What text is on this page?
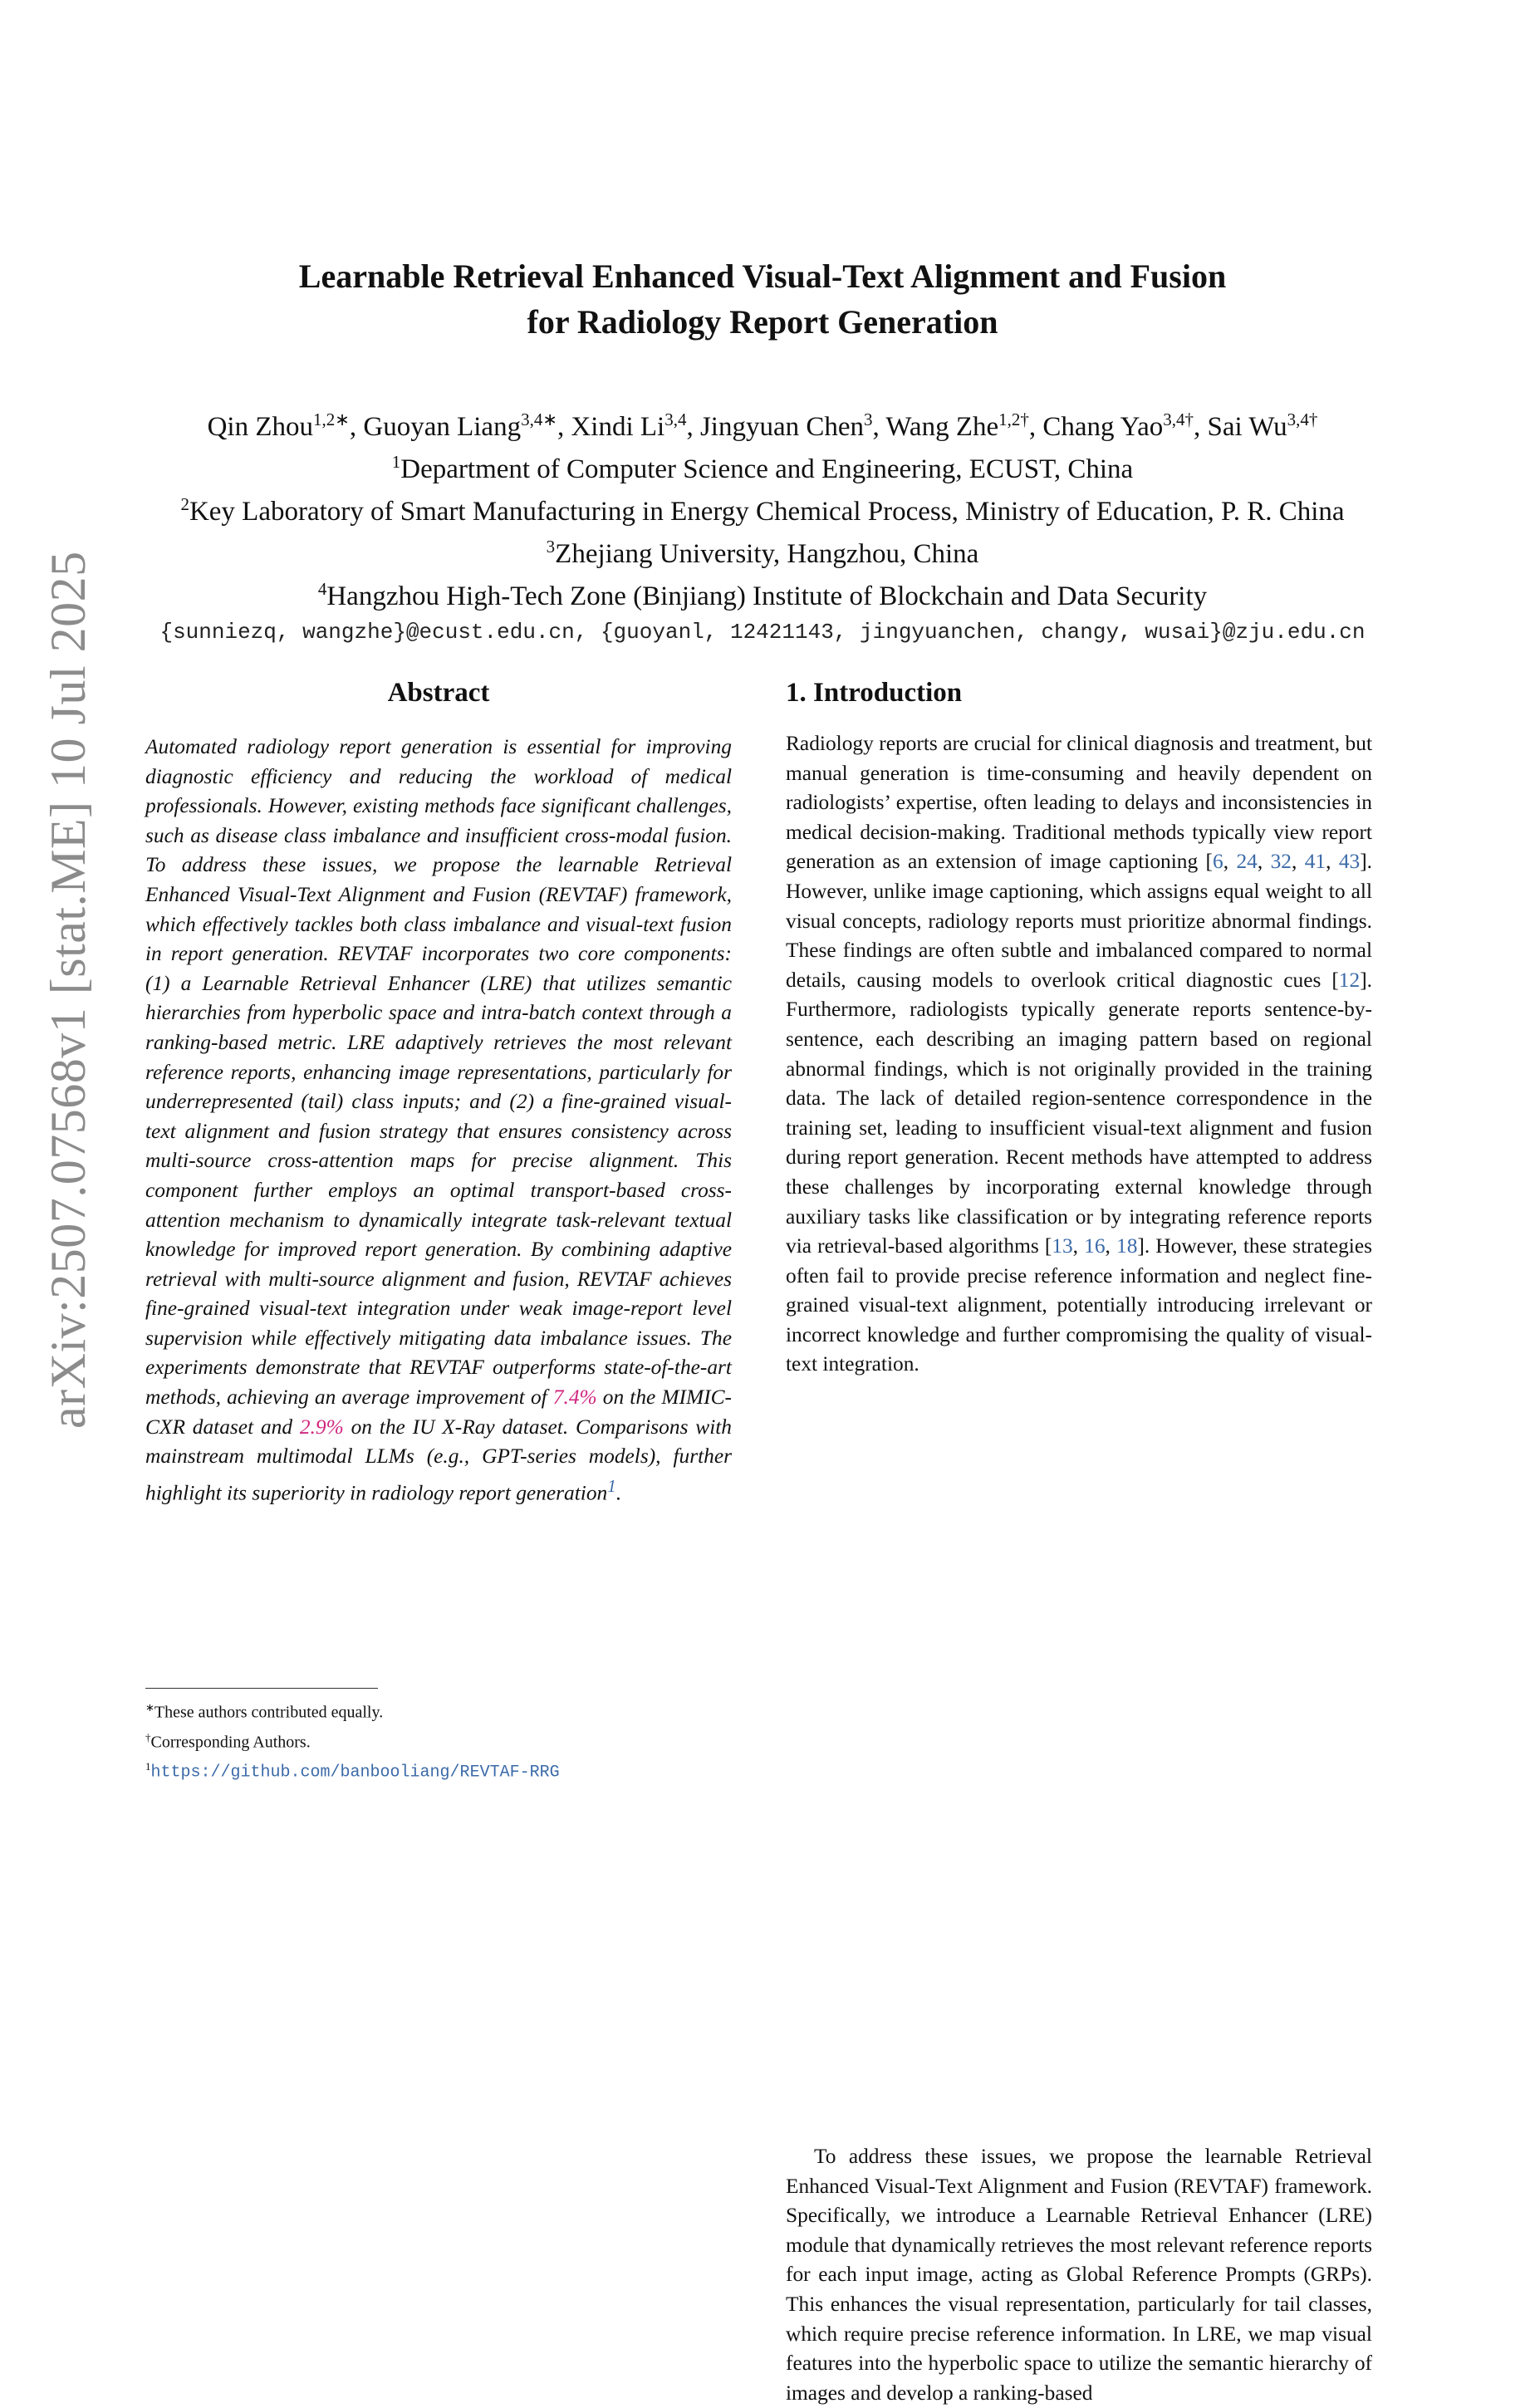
arXiv:2507.07568v1 [stat.ME] 10 Jul 2025

Learnable Retrieval Enhanced Visual-Text Alignment and Fusion

for Radiology Report Generation

Qin Zhou$^{1,2∗}$, Guoyan Liang$^{3,4∗}$, Xindi Li$^{3,4}$, Jingyuan Chen$^3$, Wang Zhe$^{1,2\dagger}$, Chang Yao$^{3,4\dagger}$, Sai $Wu^{3,4\dagger}$
$^1$Department of Computer Science and Engineering, ECUST, China
$^2$Key Laboratory of Smart Manufacturing in Energy Chemical Process, Ministry of Education, P. R. China
$^3$Zhejiang University, Hangzhou, China
$^4$Hangzhou High-Tech Zone (Binjiang) Institute of Blockchain and Data Security
{sunniezq, wangzhe}@ecust.edu.cn, {guoyanl, 12421143, jingyuanchen, changy, wusai}@zju.edu.cn
Abstract

Automated radiology report generation is essential for improving diagnostic efficiency and reducing the workload of medical professionals. However, existing methods face significant challenges, such as disease class imbalance and insufficient cross-modal fusion. To address these issues, we propose the learnable Retrieval Enhanced Visual-Text Alignment and Fusion (REVTAF) framework, which effectively tackles both class imbalance and visual-text fusion in report generation. REVTAF incorporates two core components: (1) a Learnable Retrieval Enhancer (LRE) that utilizes semantic hierarchies from hyperbolic space and intra-batch context through a ranking-based metric. LRE adaptively retrieves the most relevant reference reports, enhancing image representations, particularly for underrepresented (tail) class inputs; and (2) a fine-grained visual-text alignment and fusion strategy that ensures consistency across multi-source cross-attention maps for precise alignment. This component further employs an optimal transport-based cross-attention mechanism to dynamically integrate task-relevant textual knowledge for improved report generation. By combining adaptive retrieval with multi-source alignment and fusion, REVTAF achieves fine-grained visual-text integration under weak image-report level supervision while effectively mitigating data imbalance issues. The experiments demonstrate that REVTAF outperforms state-of-the-art methods, achieving an average improvement of 7.4% on the MIMIC-CXR dataset and 2.9% on the IU X-Ray dataset. Comparisons with mainstream multimodal LLMs (e.g., GPT-series models), further highlight its superiority in radiology report generation$^1$.

∗These authors contributed equally.
†Corresponding Authors.
$^1$https://github.com/banbooliang/REVTAF-RRG
1. Introduction

Radiology reports are crucial for clinical diagnosis and treatment, but manual generation is time-consuming and heavily dependent on radiologists’ expertise, often leading to delays and inconsistencies in medical decision-making. Traditional methods typically view report generation as an extension of image captioning [6, 24, 32, 41, 43]. However, unlike image captioning, which assigns equal weight to all visual concepts, radiology reports must prioritize abnormal findings. These findings are often subtle and imbalanced compared to normal details, causing models to overlook critical diagnostic cues [12]. Furthermore, radiologists typically generate reports sentence-by-sentence, each describing an imaging pattern based on regional abnormal findings, which is not originally provided in the training data. The lack of detailed region-sentence correspondence in the training set, leading to insufficient visual-text alignment and fusion during report generation. Recent methods have attempted to address these challenges by incorporating external knowledge through auxiliary tasks like classification or by integrating reference reports via retrieval-based algorithms [13, 16, 18]. However, these strategies often fail to provide precise reference information and neglect fine-grained visual-text alignment, potentially introducing irrelevant or incorrect knowledge and further compromising the quality of visual-text integration.

To address these issues, we propose the learnable Retrieval Enhanced Visual-Text Alignment and Fusion (REVTAF) framework. Specifically, we introduce a Learnable Retrieval Enhancer (LRE) module that dynamically retrieves the most relevant reference reports for each input image, acting as Global Reference Prompts (GRPs). This enhances the visual representation, particularly for tail classes, which require precise reference information. In LRE, we map visual features into the hyperbolic space to utilize the semantic hierarchy of images and develop a ranking-based
